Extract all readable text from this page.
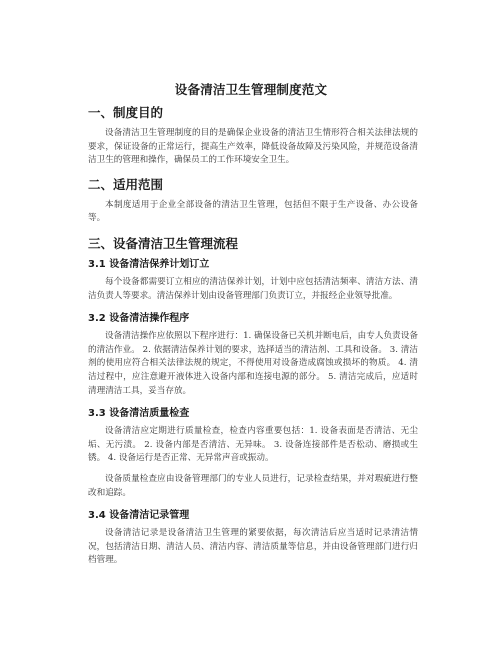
设备清洁卫生管理制度范文
一、制度目的

设备清洁卫生管理制度的目的是确保企业设备的清洁卫生情形符合相关法律法规的要求，保证设备的正常运行，提高生产效率，降低设备故障及污染风险，并规范设备清洁卫生的管理和操作，确保员工的工作环境安全卫生。

二、适用范围

本制度适用于企业全部设备的清洁卫生管理，包括但不限于生产设备、办公设备等。

三、设备清洁卫生管理流程
3.1 设备清洁保养计划订立

每个设备都需要订立相应的清洁保养计划，计划中应包括清洁频率、清洁方法、清洁负责人等要求。清洁保养计划由设备管理部门负责订立，并报经企业领导批准。

3.2 设备清洁操作程序

设备清洁操作应依照以下程序进行：1. 确保设备已关机并断电后，由专人负责设备的清洁作业。 2. 依据清洁保养计划的要求，选择适当的清洁剂、工具和设备。 3. 清洁剂的使用应符合相关法律法规的规定，不得使用对设备造成腐蚀或损坏的物质。 4. 清洁过程中，应注意避开液体进入设备内部和连接电源的部分。 5. 清洁完成后，应适时清理清洁工具，妥当存放。

3.3 设备清洁质量检查

设备清洁应定期进行质量检查，检查内容重要包括：1. 设备表面是否清洁、无尘垢、无污渍。 2. 设备内部是否清洁、无异味。 3. 设备连接部件是否松动、磨损或生锈。 4. 设备运行是否正常、无异常声音或振动。

设备质量检查应由设备管理部门的专业人员进行，记录检查结果，并对瑕疵进行整改和追踪。

3.4 设备清洁记录管理

设备清洁记录是设备清洁卫生管理的紧要依据，每次清洁后应当适时记录清洁情况，包括清洁日期、清洁人员、清洁内容、清洁质量等信息，并由设备管理部门进行归档管理。
